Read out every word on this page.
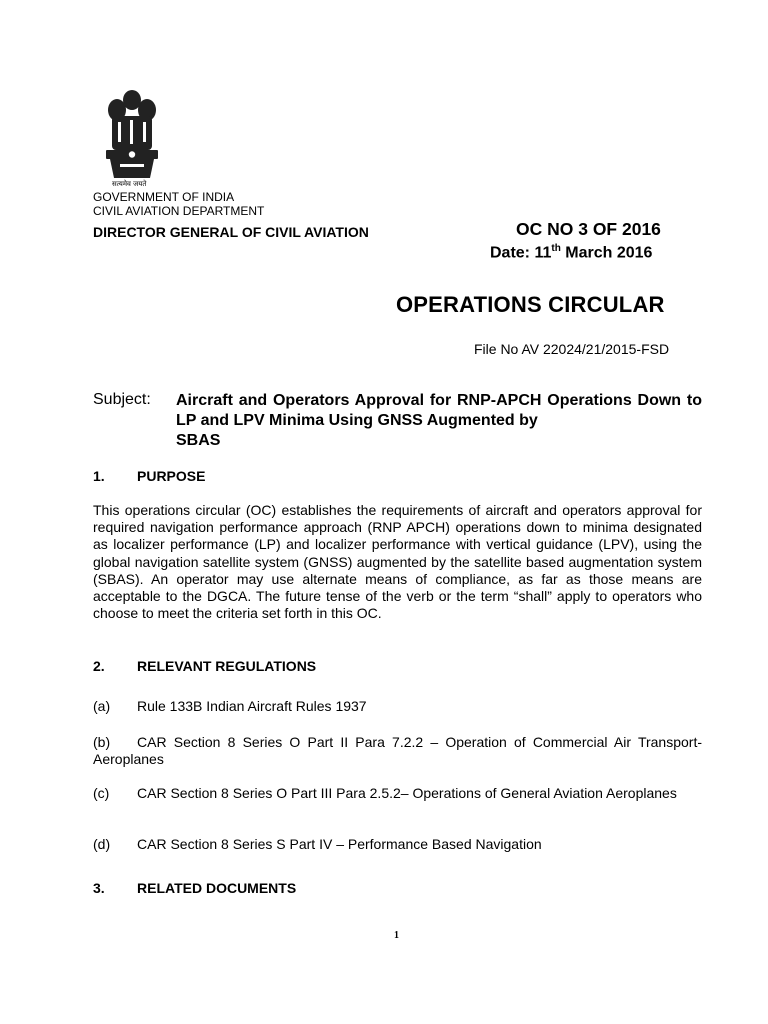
सत्यमेव जयते
GOVERNMENT OF INDIA
CIVIL AVIATION DEPARTMENT
DIRECTOR GENERAL OF CIVIL AVIATION	OC NO 3 OF 2016
Date: 11th March 2016
OPERATIONS CIRCULAR
File No AV 22024/21/2015-FSD
Subject: Aircraft and Operators Approval for RNP-APCH Operations Down to LP and LPV Minima Using GNSS Augmented by
SBAS
1. PURPOSE
This operations circular (OC) establishes the requirements of aircraft and operators approval for required navigation performance approach (RNP APCH) operations down to minima designated as localizer performance (LP) and localizer performance with vertical guidance (LPV), using the global navigation satellite system (GNSS) augmented by the satellite based augmentation system (SBAS). An operator may use alternate means of compliance, as far as those means are acceptable to the DGCA. The future tense of the verb or the term “shall” apply to operators who choose to meet the criteria set forth in this OC.
2. RELEVANT REGULATIONS
(a) Rule 133B Indian Aircraft Rules 1937
(b) CAR Section 8 Series O Part II Para 7.2.2 – Operation of Commercial Air Transport-Aeroplanes
(c) CAR Section 8 Series O Part III Para 2.5.2– Operations of General Aviation Aeroplanes
(d) CAR Section 8 Series S Part IV – Performance Based Navigation
3. RELATED DOCUMENTS
1
